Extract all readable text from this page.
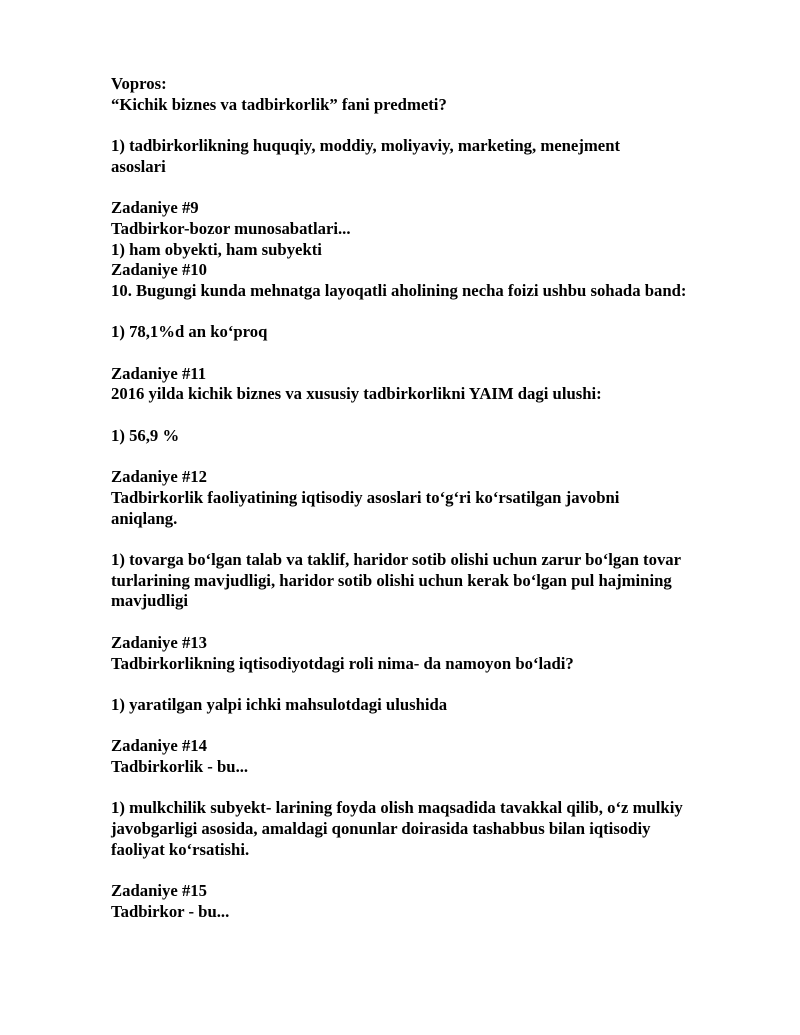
Vopros:
“Kichik biznes va tadbirkorlik” fani predmeti?
1) tadbirkorlikning huquqiy, moddiy, moliyaviy, marketing, menejment
asoslari
Zadaniye #9
Tadbirkor-bozor munosabatlari...
1) ham obyekti, ham subyekti
Zadaniye #10
10. Bugungi kunda mehnatga layoqatli aholining necha foizi ushbu sohada band:
1) 78,1%d an ko‘proq
Zadaniye #11
2016 yilda kichik biznes va xususiy tadbirkorlikni YAIM dagi ulushi:
1) 56,9 %
Zadaniye #12
Tadbirkorlik faoliyatining iqtisodiy asoslari to‘g‘ri ko‘rsatilgan javobni
aniqlang.
1) tovarga bo‘lgan talab va taklif, haridor sotib olishi uchun zarur bo‘lgan tovar
turlarining mavjudligi, haridor sotib olishi uchun kerak bo‘lgan pul hajmining
mavjudligi
Zadaniye #13
Tadbirkorlikning iqtisodiyotdagi roli nima- da namoyon bo‘ladi?
1) yaratilgan yalpi ichki mahsulotdagi ulushida
Zadaniye #14
Tadbirkorlik - bu...
1) mulkchilik subyekt- larining foyda olish maqsadida tavakkal qilib, o‘z mulkiy
javobgarligi asosida, amaldagi qonunlar doirasida tashabbus bilan iqtisodiy
faoliyat ko‘rsatishi.
Zadaniye #15
Tadbirkor - bu...
